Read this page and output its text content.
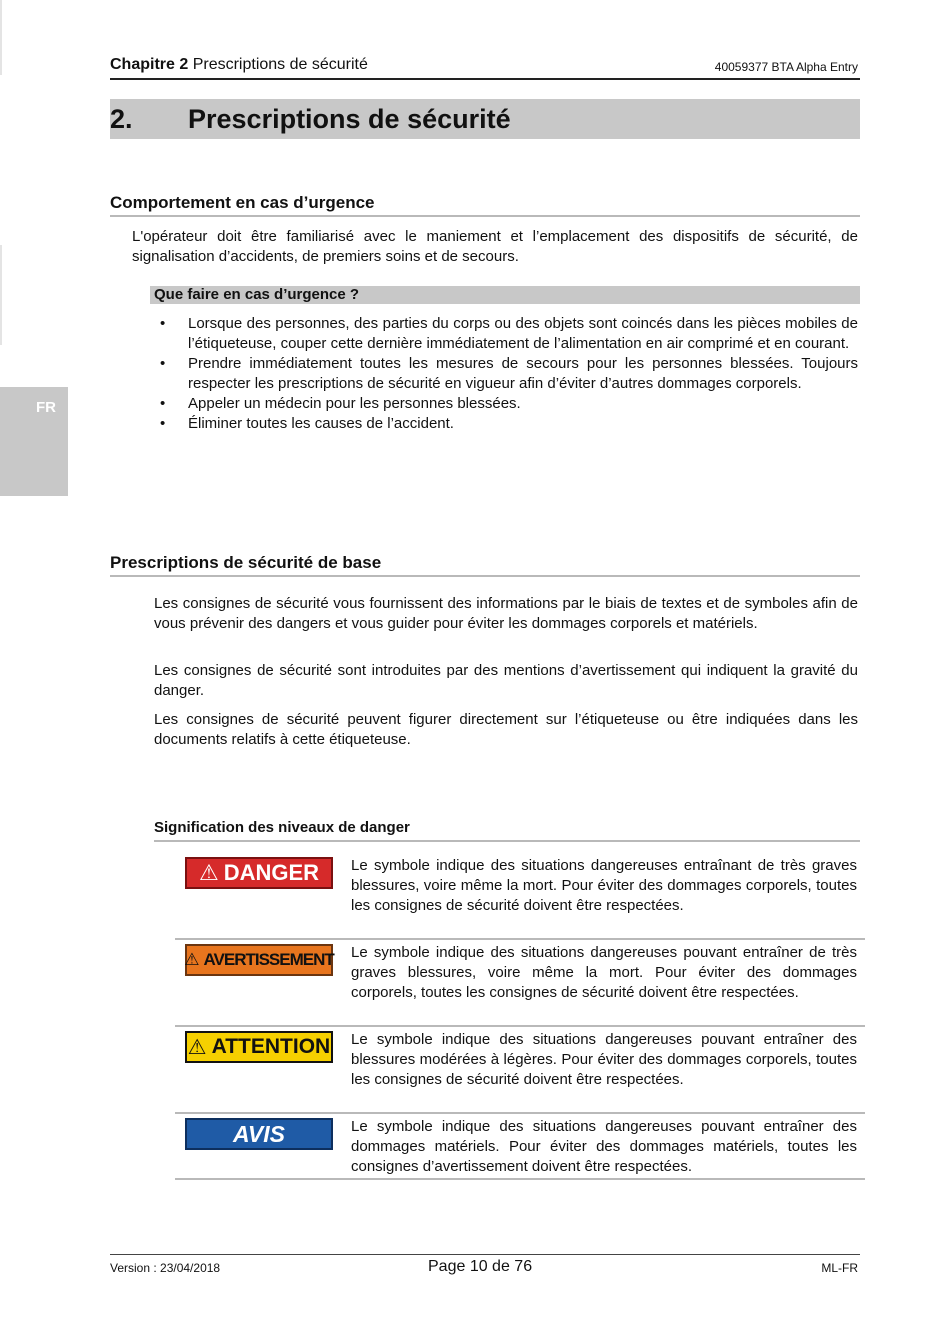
Chapitre 2 Prescriptions de sécurité	40059377 BTA Alpha Entry
2. Prescriptions de sécurité
FR
Comportement en cas d’urgence
L'opérateur doit être familiarisé avec le maniement et l’emplacement des dispositifs de sécurité, de signalisation d’accidents, de premiers soins et de secours.
Que faire en cas d’urgence ?
• Lorsque des personnes, des parties du corps ou des objets sont coincés dans les pièces mobiles de l’étiqueteuse, couper cette dernière immédiatement de l’alimentation en air comprimé et en courant.
• Prendre immédiatement toutes les mesures de secours pour les personnes blessées. Toujours respecter les prescriptions de sécurité en vigueur afin d’éviter d’autres dommages corporels.
• Appeler un médecin pour les personnes blessées.
• Éliminer toutes les causes de l’accident.
Prescriptions de sécurité de base
Les consignes de sécurité vous fournissent des informations par le biais de textes et de symboles afin de vous prévenir des dangers et vous guider pour éviter les dommages corporels et matériels.
Les consignes de sécurité sont introduites par des mentions d’avertissement qui indiquent la gravité du danger.
Les consignes de sécurité peuvent figurer directement sur l’étiqueteuse ou être indiquées dans les documents relatifs à cette étiqueteuse.
Signification des niveaux de danger
⚠ DANGER Le symbole indique des situations dangereuses entraînant de très graves blessures, voire même la mort. Pour éviter des dommages corporels, toutes les consignes de sécurité doivent être respectées.
⚠ AVERTISSEMENT Le symbole indique des situations dangereuses pouvant entraîner de très graves blessures, voire même la mort. Pour éviter des dommages corporels, toutes les consignes de sécurité doivent être respectées.
⚠ ATTENTION Le symbole indique des situations dangereuses pouvant entraîner des blessures modérées à légères. Pour éviter des dommages corporels, toutes les consignes de sécurité doivent être respectées.
AVIS	Le symbole indique des situations dangereuses pouvant entraîner des dommages matériels. Pour éviter des dommages matériels, toutes les consignes d’avertissement doivent être respectées.
Version : 23/04/2018	Page 10 de 76	ML-FR
